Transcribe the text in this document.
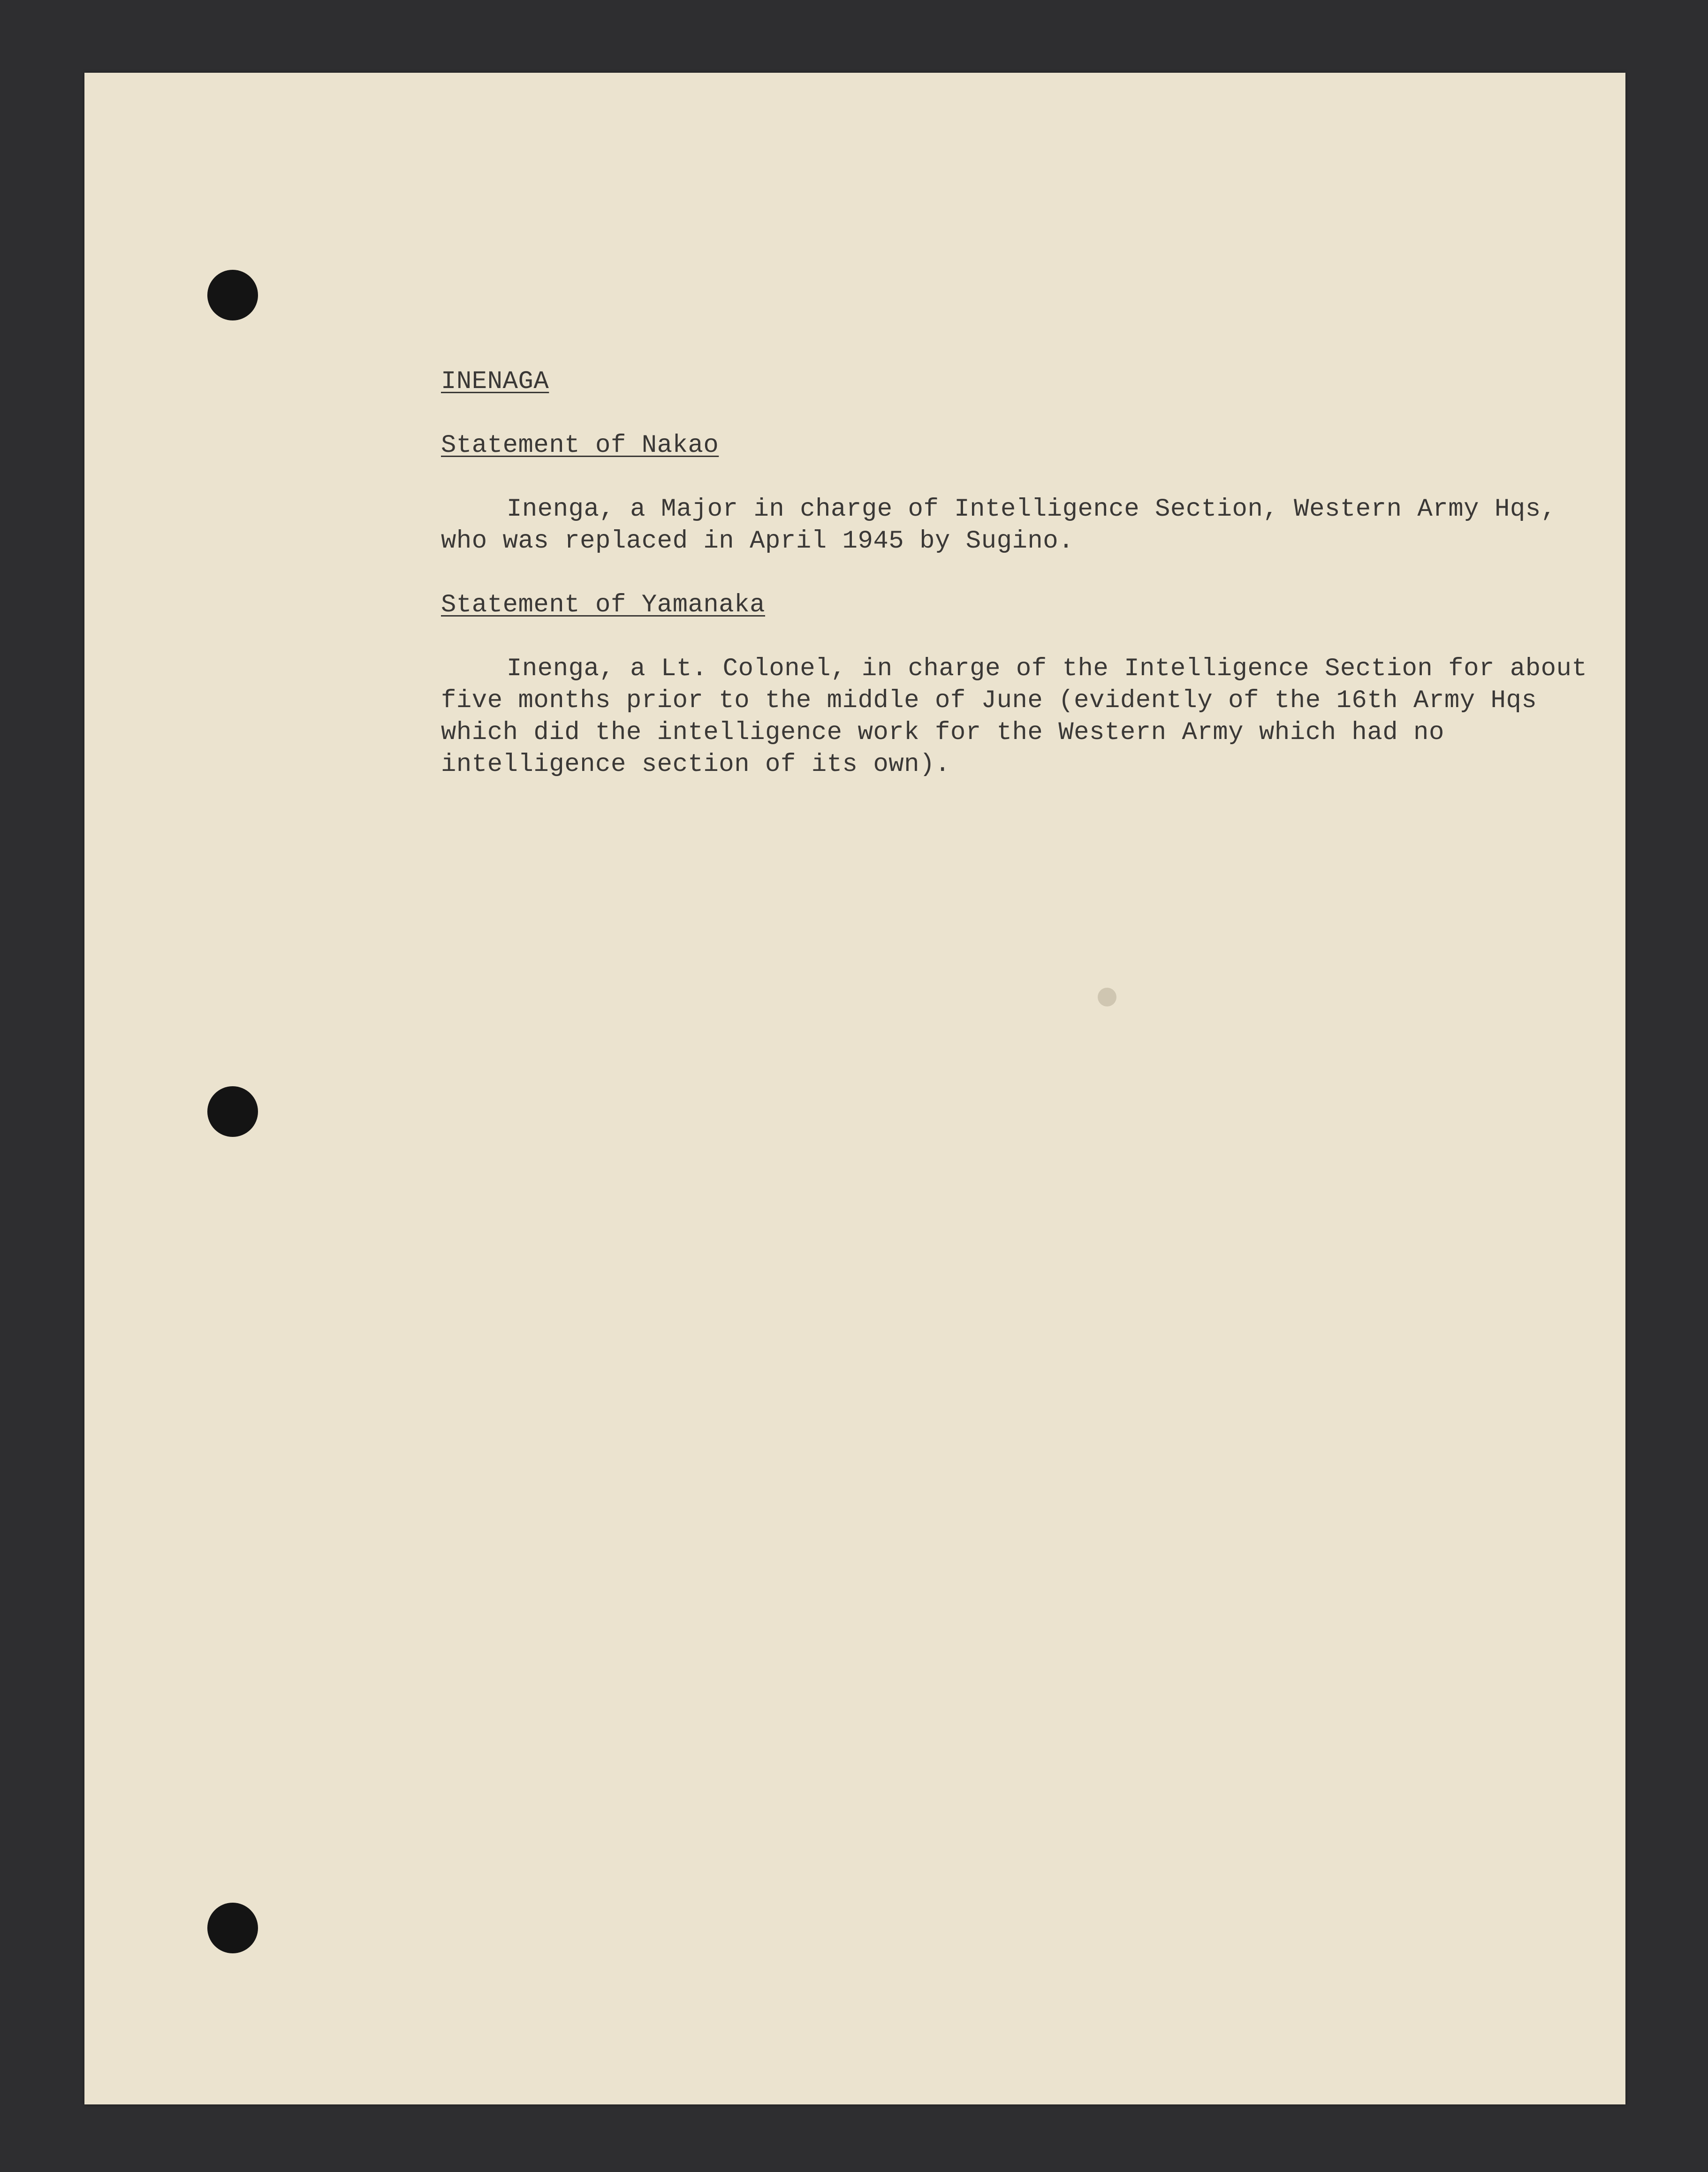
INENAGA
Statement of Nakao

Inenga, a Major in charge of Intelligence Section, Western Army Hqs, who was replaced in April 1945 by Sugino.

Statement of Yamanaka

Inenga, a Lt. Colonel, in charge of the Intelligence Section for about five months prior to the middle of June (evidently of the 16th Army Hqs which did the intelligence work for the Western Army which had no intelligence section of its own).
